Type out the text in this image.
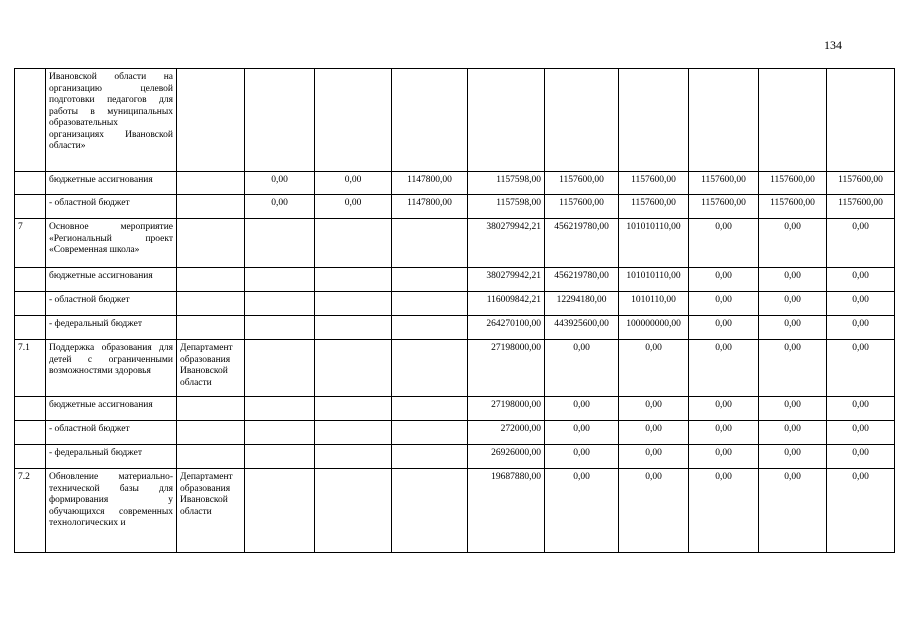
134
	Ивановской области на организацию целевой подготовки педагогов для работы в муниципальных образовательных организациях Ивановской области»										
	бюджетные ассигнования		0,00	0,00	1147800,00	1157598,00	1157600,00	1157600,00	1157600,00	1157600,00	1157600,00
	- областной бюджет		0,00	0,00	1147800,00	1157598,00	1157600,00	1157600,00	1157600,00	1157600,00	1157600,00
7	Основное мероприятие «Региональный проект «Современная школа»					380279942,21	456219780,00	101010110,00	0,00	0,00	0,00
	бюджетные ассигнования					380279942,21	456219780,00	101010110,00	0,00	0,00	0,00
	- областной бюджет					116009842,21	12294180,00	1010110,00	0,00	0,00	0,00
	- федеральный бюджет					264270100,00	443925600,00	100000000,00	0,00	0,00	0,00
7.1	Поддержка образования для детей с ограниченными возможностями здоровья	Департамент образования Ивановской области				27198000,00	0,00	0,00	0,00	0,00	0,00
	бюджетные ассигнования					27198000,00	0,00	0,00	0,00	0,00	0,00
	- областной бюджет					272000,00	0,00	0,00	0,00	0,00	0,00
	- федеральный бюджет					26926000,00	0,00	0,00	0,00	0,00	0,00
7.2	Обновление материально-технической базы для формирования у обучающихся современных технологических и	Департамент образования Ивановской области				19687880,00	0,00	0,00	0,00	0,00	0,00
